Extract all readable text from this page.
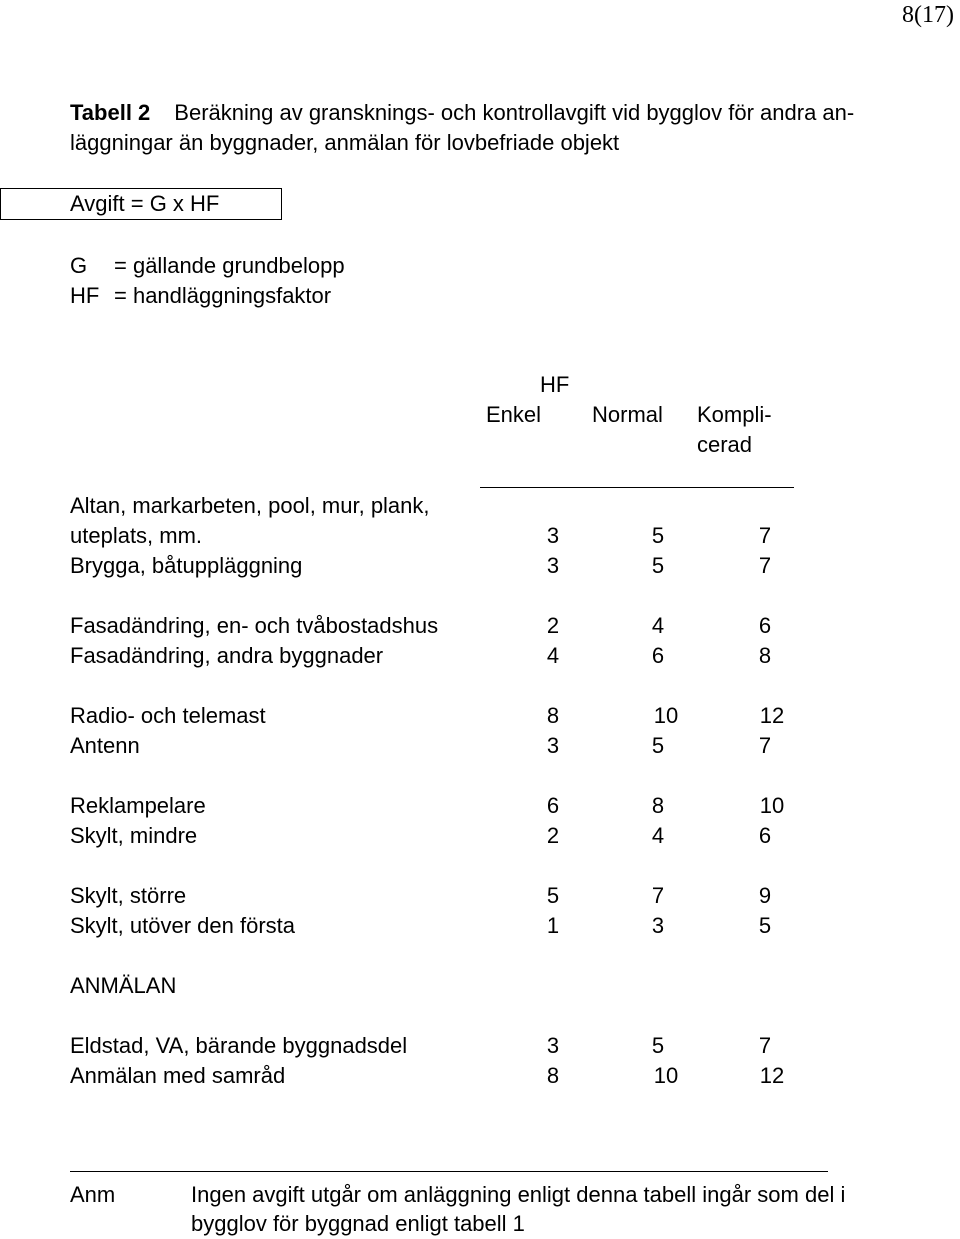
8(17)
Tabell 2 Beräkning av gransknings- och kontrollavgift vid bygglov för andra an-
läggningar än byggnader, anmälan för lovbefriade objekt
Avgift = G x HF
G = gällande grundbelopp
HF = handläggningsfaktor
HF
Enkel Normal Kompli-
cerad
Altan, markarbeten, pool, mur, plank,
uteplats, mm.	3	5	7
Brygga, båtuppläggning	3	5	7
Fasadändring, en- och tvåbostadshus	2	4	6
Fasadändring, andra byggnader	4	6	8
Radio- och telemast	8	10	12
Antenn	3	5	7
Reklampelare	6	8	10
Skylt, mindre	2	4	6
Skylt, större	5	7	9
Skylt, utöver den första	1	3	5
ANMÄLAN
Eldstad, VA, bärande byggnadsdel	3	5	7
Anmälan med samråd	8	10	12
Anm	Ingen avgift utgår om anläggning enligt denna tabell ingår som del i
bygglov för byggnad enligt tabell 1
